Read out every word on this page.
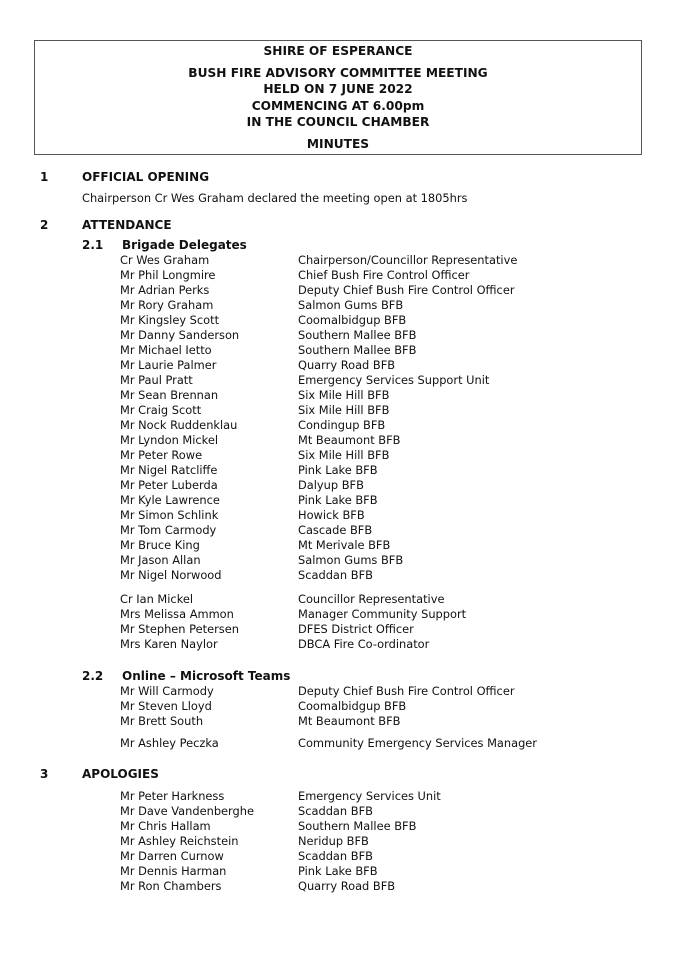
SHIRE OF ESPERANCE
BUSH FIRE ADVISORY COMMITTEE MEETING
HELD ON 7 JUNE 2022
COMMENCING AT 6.00pm
IN THE COUNCIL CHAMBER
MINUTES
1	OFFICIAL OPENING
Chairperson Cr Wes Graham declared the meeting open at 1805hrs
2	ATTENDANCE
2.1 Brigade Delegates
Cr Wes Graham	Chairperson/Councillor Representative
Mr Phil Longmire	Chief Bush Fire Control Officer
Mr Adrian Perks	Deputy Chief Bush Fire Control Officer
Mr Rory Graham	Salmon Gums BFB
Mr Kingsley Scott	Coomalbidgup BFB
Mr Danny Sanderson	Southern Mallee BFB
Mr Michael Ietto	Southern Mallee BFB
Mr Laurie Palmer	Quarry Road BFB
Mr Paul Pratt	Emergency Services Support Unit
Mr Sean Brennan	Six Mile Hill BFB
Mr Craig Scott	Six Mile Hill BFB
Mr Nock Ruddenklau	Condingup BFB
Mr Lyndon Mickel	Mt Beaumont BFB
Mr Peter Rowe	Six Mile Hill BFB
Mr Nigel Ratcliffe	Pink Lake BFB
Mr Peter Luberda	Dalyup BFB
Mr Kyle Lawrence	Pink Lake BFB
Mr Simon Schlink	Howick BFB
Mr Tom Carmody	Cascade BFB
Mr Bruce King	Mt Merivale BFB
Mr Jason Allan	Salmon Gums BFB
Mr Nigel Norwood	Scaddan BFB
Cr Ian Mickel	Councillor Representative
Mrs Melissa Ammon	Manager Community Support
Mr Stephen Petersen	DFES District Officer
Mrs Karen Naylor	DBCA Fire Co-ordinator
2.2 Online – Microsoft Teams
Mr Will Carmody	Deputy Chief Bush Fire Control Officer
Mr Steven Lloyd	Coomalbidgup BFB
Mr Brett South	Mt Beaumont BFB
Mr Ashley Peczka	Community Emergency Services Manager
3	APOLOGIES
Mr Peter Harkness	Emergency Services Unit
Mr Dave Vandenberghe	Scaddan BFB
Mr Chris Hallam	Southern Mallee BFB
Mr Ashley Reichstein	Neridup BFB
Mr Darren Curnow	Scaddan BFB
Mr Dennis Harman	Pink Lake BFB
Mr Ron Chambers	Quarry Road BFB
